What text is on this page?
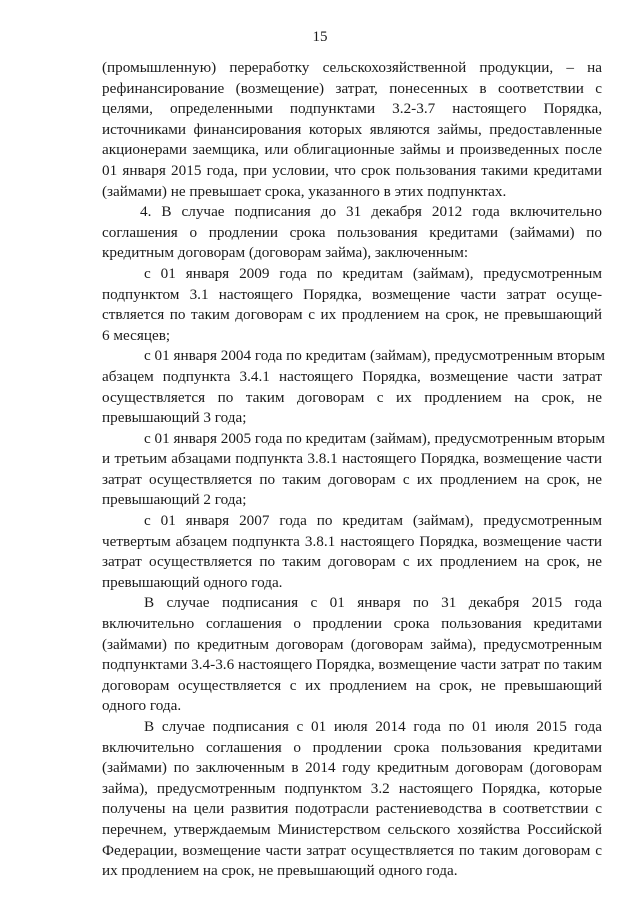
15
(промышленную) переработку сельскохозяйственной продукции, – на
рефинансирование (возмещение) затрат, понесенных в соответствии с
целями, определенными подпунктами 3.2-3.7 настоящего Порядка,
источниками финансирования которых являются займы, предоставленные
акционерами заемщика, или облигационные займы и произведенных после
01 января 2015 года, при условии, что срок пользования такими кредитами
(займами) не превышает срока, указанного в этих подпунктах.
4. В случае подписания до 31 декабря 2012 года включительно
соглашения о продлении срока пользования кредитами (займами) по
кредитным договорам (договорам займа), заключенным:
с 01 января 2009 года по кредитам (займам), предусмотренным
подпунктом 3.1 настоящего Порядка, возмещение части затрат осуще-
ствляется по таким договорам с их продлением на срок, не превышающий
6 месяцев;
с 01 января 2004 года по кредитам (займам), предусмотренным вторым
абзацем подпункта 3.4.1 настоящего Порядка, возмещение части затрат
осуществляется по таким договорам с их продлением на срок, не
превышающий 3 года;
с 01 января 2005 года по кредитам (займам), предусмотренным вторым
и третьим абзацами подпункта 3.8.1 настоящего Порядка, возмещение части
затрат осуществляется по таким договорам с их продлением на срок, не
превышающий 2 года;
с 01 января 2007 года по кредитам (займам), предусмотренным
четвертым абзацем подпункта 3.8.1 настоящего Порядка, возмещение части
затрат осуществляется по таким договорам с их продлением на срок, не
превышающий одного года.
В случае подписания с 01 января по 31 декабря 2015 года
включительно соглашения о продлении срока пользования кредитами
(займами) по кредитным договорам (договорам займа), предусмотренным
подпунктами 3.4-3.6 настоящего Порядка, возмещение части затрат по таким
договорам осуществляется с их продлением на срок, не превышающий
одного года.
В случае подписания с 01 июля 2014 года по 01 июля 2015 года
включительно соглашения о продлении срока пользования кредитами
(займами) по заключенным в 2014 году кредитным договорам (договорам
займа), предусмотренным подпунктом 3.2 настоящего Порядка, которые
получены на цели развития подотрасли растениеводства в соответствии с
перечнем, утверждаемым Министерством сельского хозяйства Российской
Федерации, возмещение части затрат осуществляется по таким договорам с
их продлением на срок, не превышающий одного года.
